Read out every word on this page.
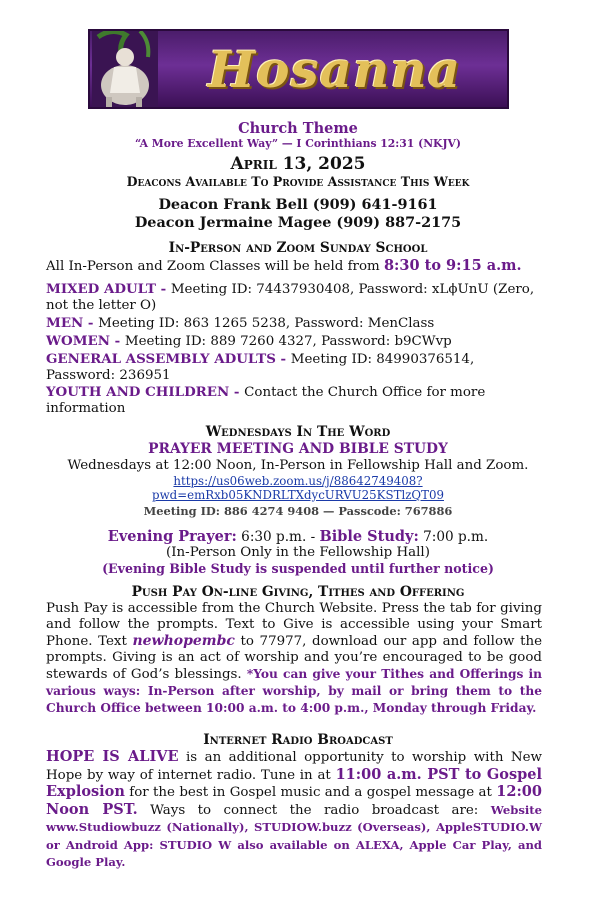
Hosanna
Church Theme
“A More Excellent Way” — I Corinthians 12:31 (NKJV)
April 13, 2025
Deacons Available To Provide Assistance This Week
Deacon Frank Bell (909) 641-9161
Deacon Jermaine Magee (909) 887-2175
In-Person and Zoom Sunday School
All In-Person and Zoom Classes will be held from 8:30 to 9:15 a.m.
MIXED ADULT - Meeting ID: 74437930408, Password: xLϕUnU (Zero, not the letter O)
MEN - Meeting ID: 863 1265 5238, Password: MenClass
WOMEN - Meeting ID: 889 7260 4327, Password: b9CWvp
GENERAL ASSEMBLY ADULTS - Meeting ID: 84990376514, Password: 236951
YOUTH AND CHILDREN - Contact the Church Office for more information
Wednesdays In The Word
PRAYER MEETING AND BIBLE STUDY
Wednesdays at 12:00 Noon, In-Person in Fellowship Hall and Zoom.
https://us06web.zoom.us/j/88642749408?
pwd=emRxb05KNDRLTXdycURVU25KSTlzQT09
Meeting ID: 886 4274 9408 — Passcode: 767886
Evening Prayer: 6:30 p.m. - Bible Study: 7:00 p.m.
(In-Person Only in the Fellowship Hall)
(Evening Bible Study is suspended until further notice)
Push Pay On-line Giving, Tithes and Offering
Push Pay is accessible from the Church Website. Press the tab for giving and follow the prompts. Text to Give is accessible using your Smart Phone. Text newhopembc to 77977, download our app and follow the prompts. Giving is an act of worship and you’re encouraged to be good stewards of God’s blessings. *You can give your Tithes and Offerings in various ways: In-Person after worship, by mail or bring them to the Church Office between 10:00 a.m. to 4:00 p.m., Monday through Friday.
Internet Radio Broadcast
HOPE IS ALIVE is an additional opportunity to worship with New Hope by way of internet radio. Tune in at 11:00 a.m. PST to Gospel Explosion for the best in Gospel music and a gospel message at 12:00 Noon PST. Ways to connect the radio broadcast are: Website www.Studiowbuzz (Nationally), STUDIOW.buzz (Overseas), AppleSTUDIO.W or Android App: STUDIO W also available on ALEXA, Apple Car Play, and Google Play.
